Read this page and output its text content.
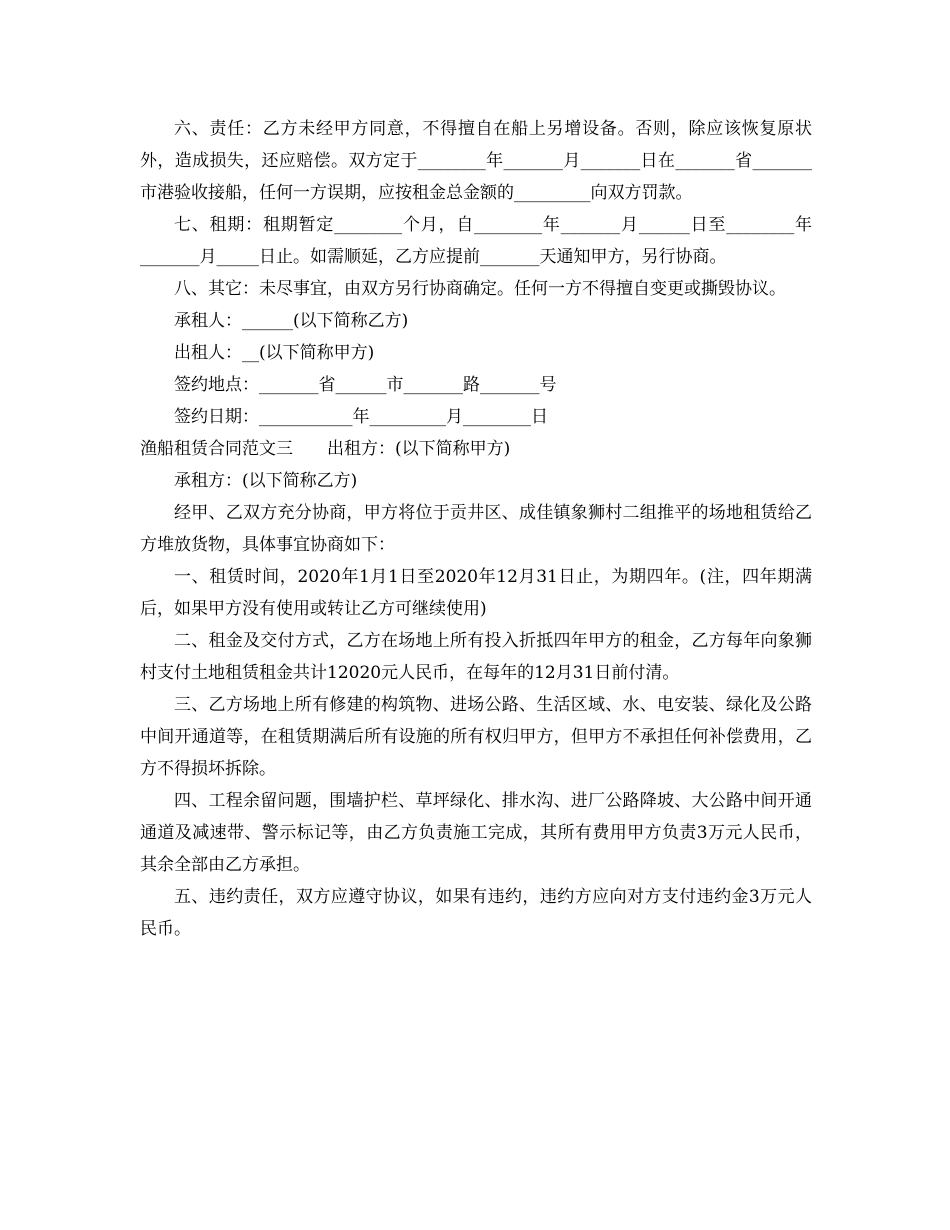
六、责任：乙方未经甲方同意，不得擅自在船上另增设备。否则，除应该恢复原状外，造成损失，还应赔偿。双方定于________年_______月_______日在_______省_______市港验收接船，任何一方误期，应按租金总金额的_________向双方罚款。

七、租期：租期暂定________个月，自________年_______月______日至________年_______月_____日止。如需顺延，乙方应提前_______天通知甲方，另行协商。

八、其它：未尽事宜，由双方另行协商确定。任何一方不得擅自变更或撕毁协议。

承租人：______(以下简称乙方)

出租人：__(以下简称甲方)

签约地点：_______省______市_______路_______号

签约日期：___________年_________月________日

渔船租赁合同范文三　　出租方：(以下简称甲方)

承租方：(以下简称乙方)

经甲、乙双方充分协商，甲方将位于贡井区、成佳镇象狮村二组推平的场地租赁给乙方堆放货物，具体事宜协商如下：

一、租赁时间，2020年1月1日至2020年12月31日止，为期四年。(注，四年期满后，如果甲方没有使用或转让乙方可继续使用)

二、租金及交付方式，乙方在场地上所有投入折抵四年甲方的租金，乙方每年向象狮村支付土地租赁租金共计12020元人民币，在每年的12月31日前付清。

三、乙方场地上所有修建的构筑物、进场公路、生活区域、水、电安装、绿化及公路中间开通道等，在租赁期满后所有设施的所有权归甲方，但甲方不承担任何补偿费用，乙方不得损坏拆除。

四、工程余留问题，围墙护栏、草坪绿化、排水沟、进厂公路降坡、大公路中间开通通道及减速带、警示标记等，由乙方负责施工完成，其所有费用甲方负责3万元人民币，其余全部由乙方承担。

五、违约责任，双方应遵守协议，如果有违约，违约方应向对方支付违约金3万元人民币。
